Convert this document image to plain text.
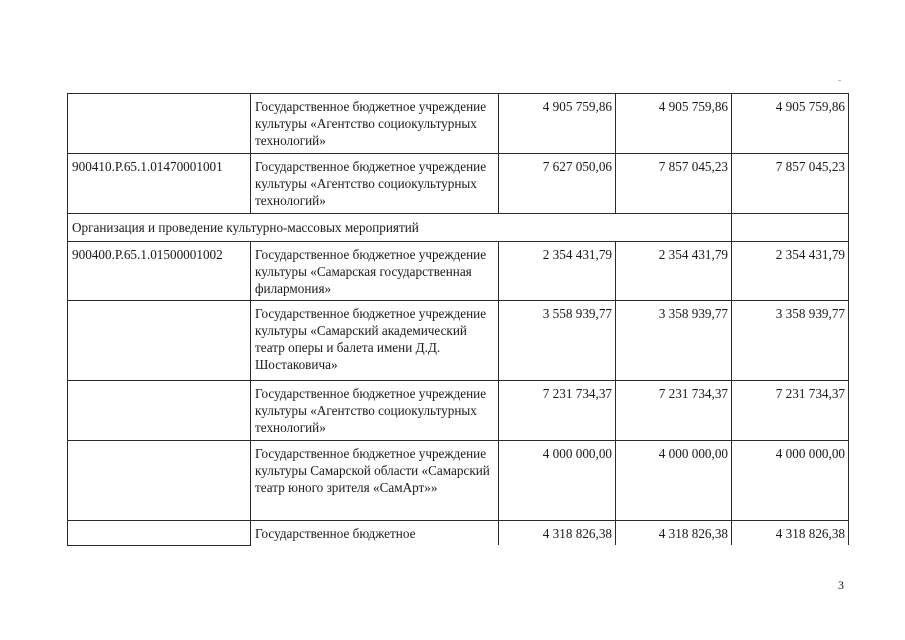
	Государственное бюджетное учреждение культуры «Агентство социокультурных технологий»	4 905 759,86	4 905 759,86	4 905 759,86
900410.Р.65.1.01470001001	Государственное бюджетное учреждение культуры «Агентство социокультурных технологий»	7 627 050,06	7 857 045,23	7 857 045,23
Организация и проведение культурно-массовых мероприятий				
900400.Р.65.1.01500001002	Государственное бюджетное учреждение культуры «Самарская государственная филармония»	2 354 431,79	2 354 431,79	2 354 431,79
	Государственное бюджетное учреждение культуры «Самарский академический театр оперы и балета имени Д.Д. Шостаковича»	3 558 939,77	3 358 939,77	3 358 939,77
	Государственное бюджетное учреждение культуры «Агентство социокультурных технологий»	7 231 734,37	7 231 734,37	7 231 734,37
	Государственное бюджетное учреждение культуры Самарской области «Самарский театр юного зрителя «СамАрт»»	4 000 000,00	4 000 000,00	4 000 000,00
	Государственное бюджетное	4 318 826,38	4 318 826,38	4 318 826,38
3
